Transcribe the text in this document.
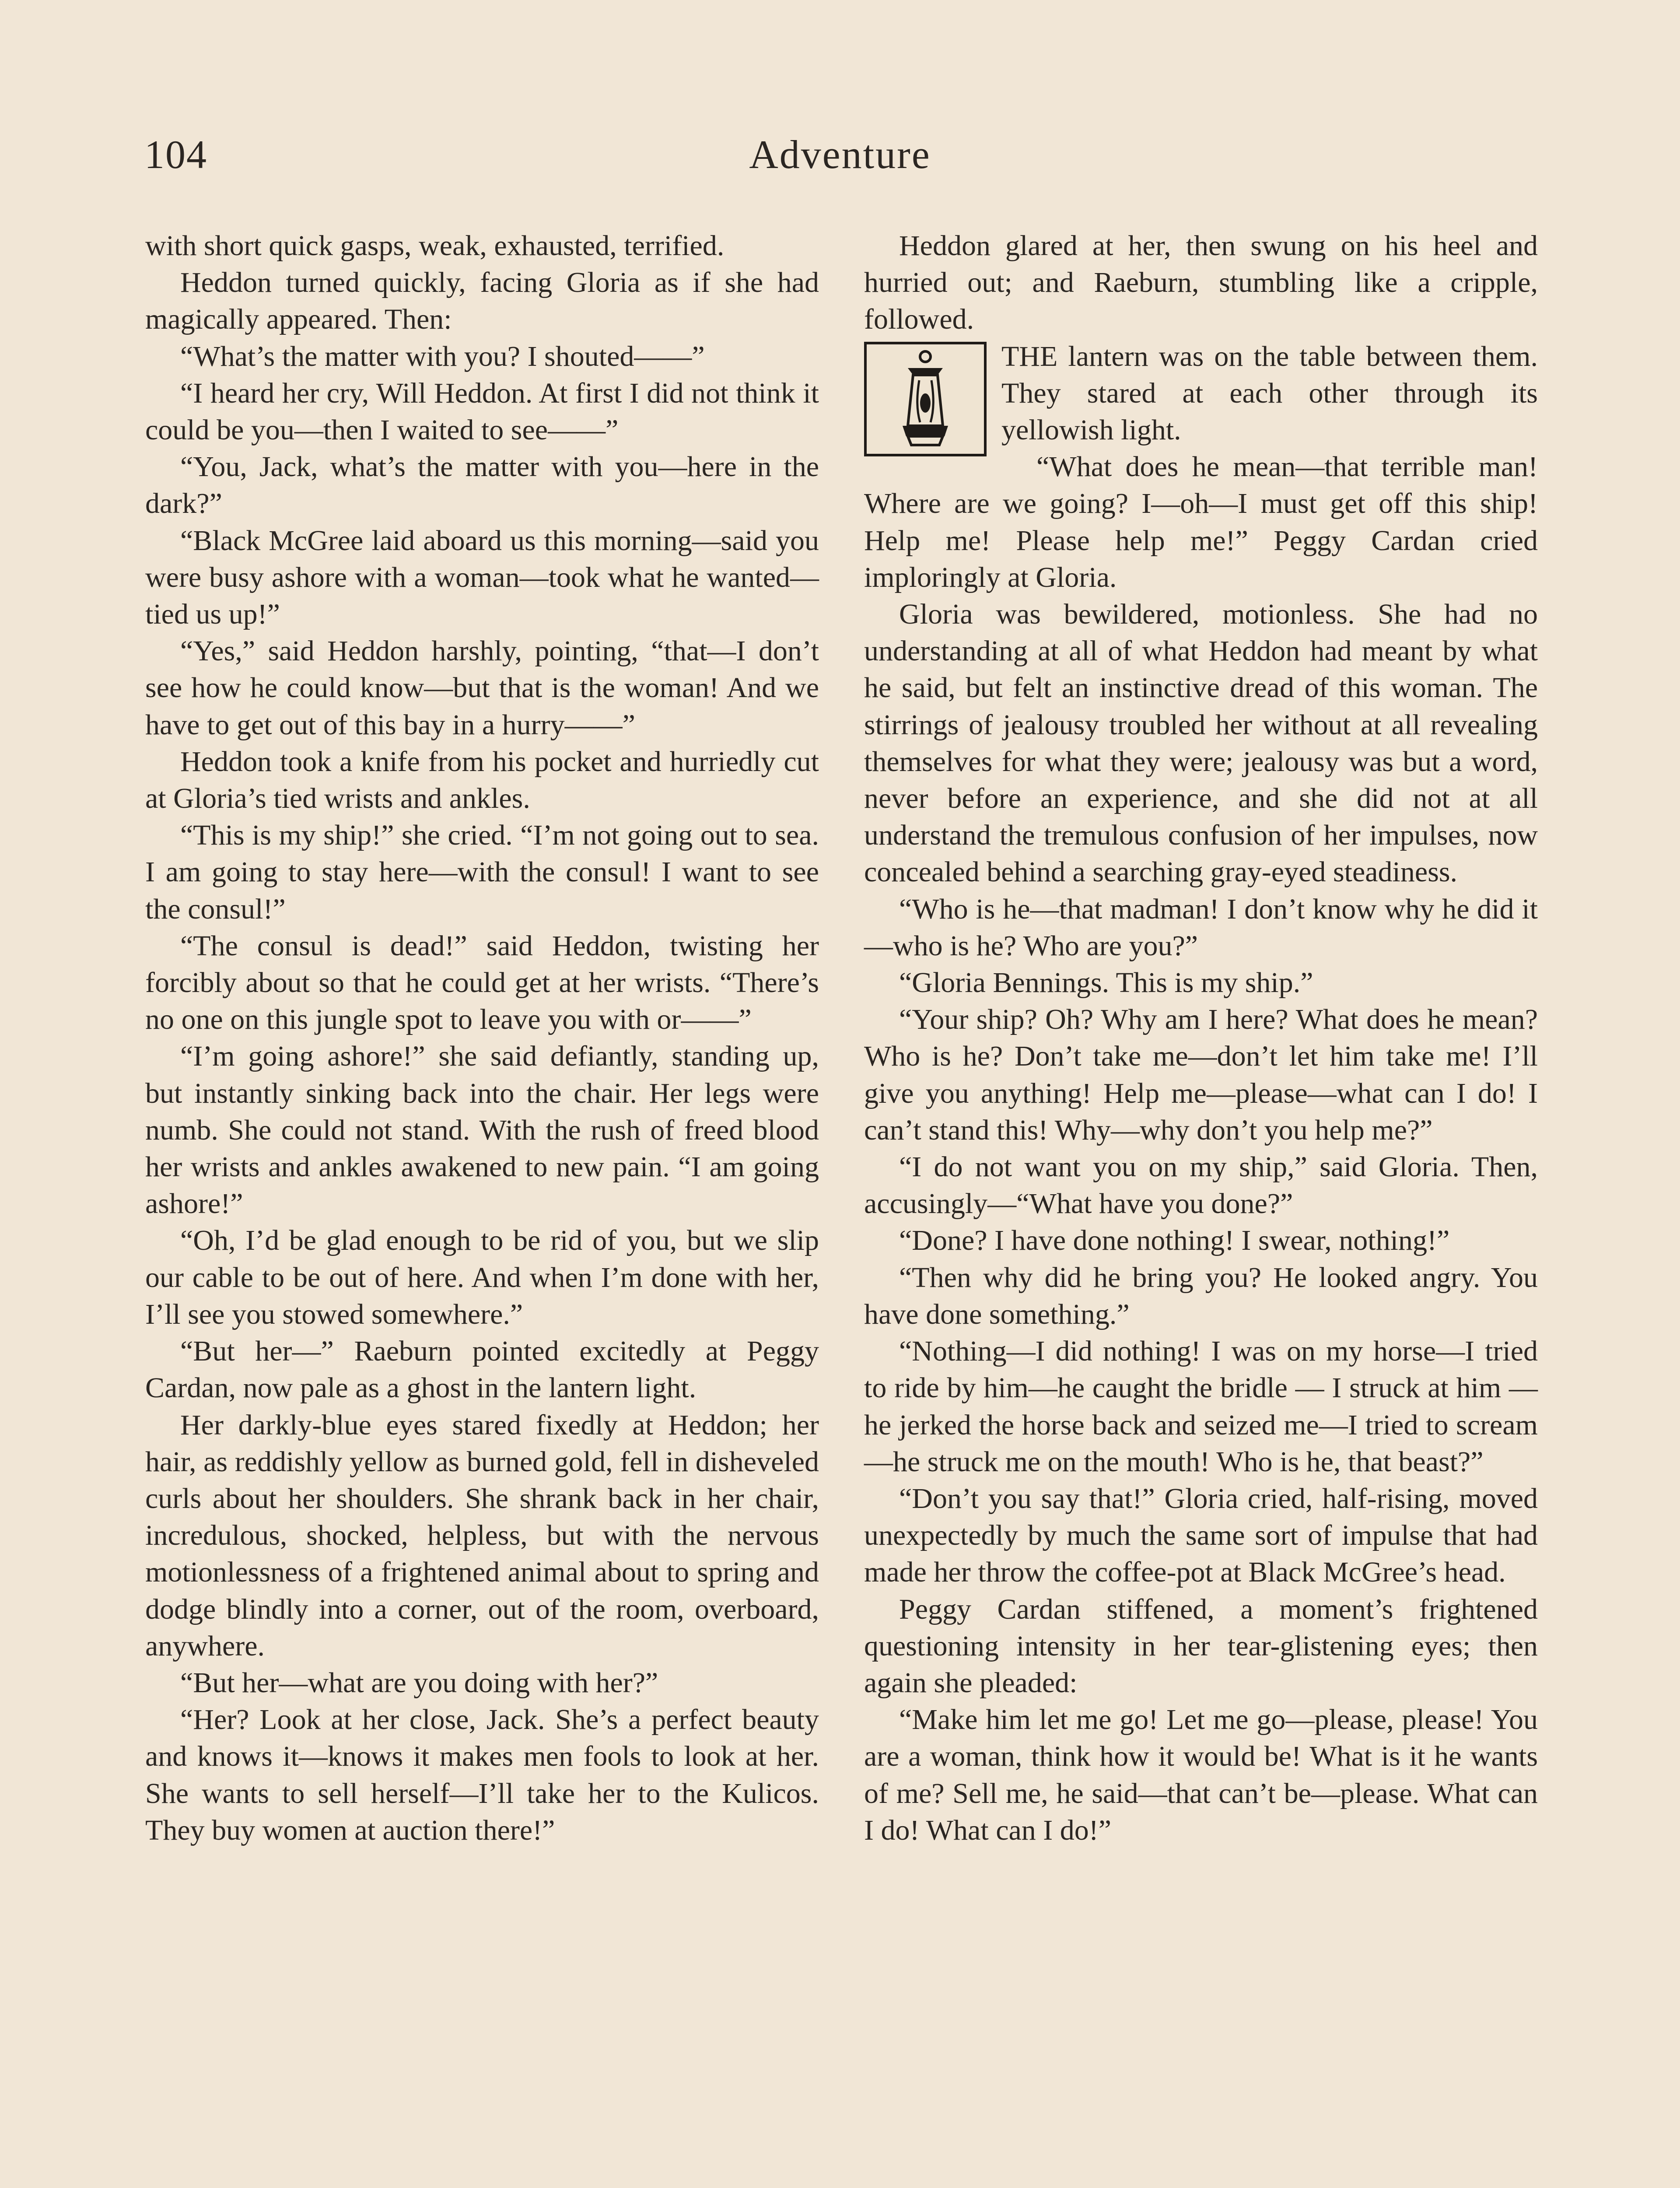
104	Adventure

with short quick gasps, weak, exhausted, terrified.

Heddon turned quickly, facing Gloria as if she had magically appeared. Then:

“What’s the matter with you? I shouted——”

“I heard her cry, Will Heddon. At first I did not think it could be you—then I waited to see——”

“You, Jack, what’s the matter with you—here in the dark?”

“Black McGree laid aboard us this morning—said you were busy ashore with a woman—took what he wanted—tied us up!”

“Yes,” said Heddon harshly, pointing, “that—I don’t see how he could know—but that is the woman! And we have to get out of this bay in a hurry——”

Heddon took a knife from his pocket and hurriedly cut at Gloria’s tied wrists and ankles.

“This is my ship!” she cried. “I’m not going out to sea. I am going to stay here—with the consul! I want to see the consul!”

“The consul is dead!” said Heddon, twisting her forcibly about so that he could get at her wrists. “There’s no one on this jungle spot to leave you with or——”

“I’m going ashore!” she said defiantly, standing up, but instantly sinking back into the chair. Her legs were numb. She could not stand. With the rush of freed blood her wrists and ankles awakened to new pain. “I am going ashore!”

“Oh, I’d be glad enough to be rid of you, but we slip our cable to be out of here. And when I’m done with her, I’ll see you stowed somewhere.”

“But her—” Raeburn pointed excitedly at Peggy Cardan, now pale as a ghost in the lantern light.

Her darkly-blue eyes stared fixedly at Heddon; her hair, as reddishly yellow as burned gold, fell in disheveled curls about her shoulders. She shrank back in her chair, incredulous, shocked, helpless, but with the nervous motionlessness of a frightened animal about to spring and dodge blindly into a corner, out of the room, overboard, anywhere.

“But her—what are you doing with her?”

“Her? Look at her close, Jack. She’s a perfect beauty and knows it—knows it makes men fools to look at her. She wants to sell herself—I’ll take her to the Kulicos. They buy women at auction there!”

Heddon glared at her, then swung on his heel and hurried out; and Raeburn, stumbling like a cripple, followed.

THE lantern was on the table between them. They stared at each other through its yellowish light.

“What does he mean—that terrible man! Where are we going? I—oh—I must get off this ship! Help me! Please help me!” Peggy Cardan cried imploringly at Gloria.

Gloria was bewildered, motionless. She had no understanding at all of what Heddon had meant by what he said, but felt an instinctive dread of this woman. The stirrings of jealousy troubled her without at all revealing themselves for what they were; jealousy was but a word, never before an experience, and she did not at all understand the tremulous confusion of her impulses, now concealed behind a searching gray-eyed steadiness.

“Who is he—that madman! I don’t know why he did it—who is he? Who are you?”

“Gloria Bennings. This is my ship.”

“Your ship? Oh? Why am I here? What does he mean? Who is he? Don’t take me—don’t let him take me! I’ll give you anything! Help me—please—what can I do! I can’t stand this! Why—why don’t you help me?”

“I do not want you on my ship,” said Gloria. Then, accusingly—“What have you done?”

“Done? I have done nothing! I swear, nothing!”

“Then why did he bring you? He looked angry. You have done something.”

“Nothing—I did nothing! I was on my horse—I tried to ride by him—he caught the bridle — I struck at him — he jerked the horse back and seized me—I tried to scream—he struck me on the mouth! Who is he, that beast?”

“Don’t you say that!” Gloria cried, half-rising, moved unexpectedly by much the same sort of impulse that had made her throw the coffee-pot at Black McGree’s head.

Peggy Cardan stiffened, a moment’s frightened questioning intensity in her tear-glistening eyes; then again she pleaded:

“Make him let me go! Let me go—please, please! You are a woman, think how it would be! What is it he wants of me? Sell me, he said—that can’t be—please. What can I do! What can I do!”
